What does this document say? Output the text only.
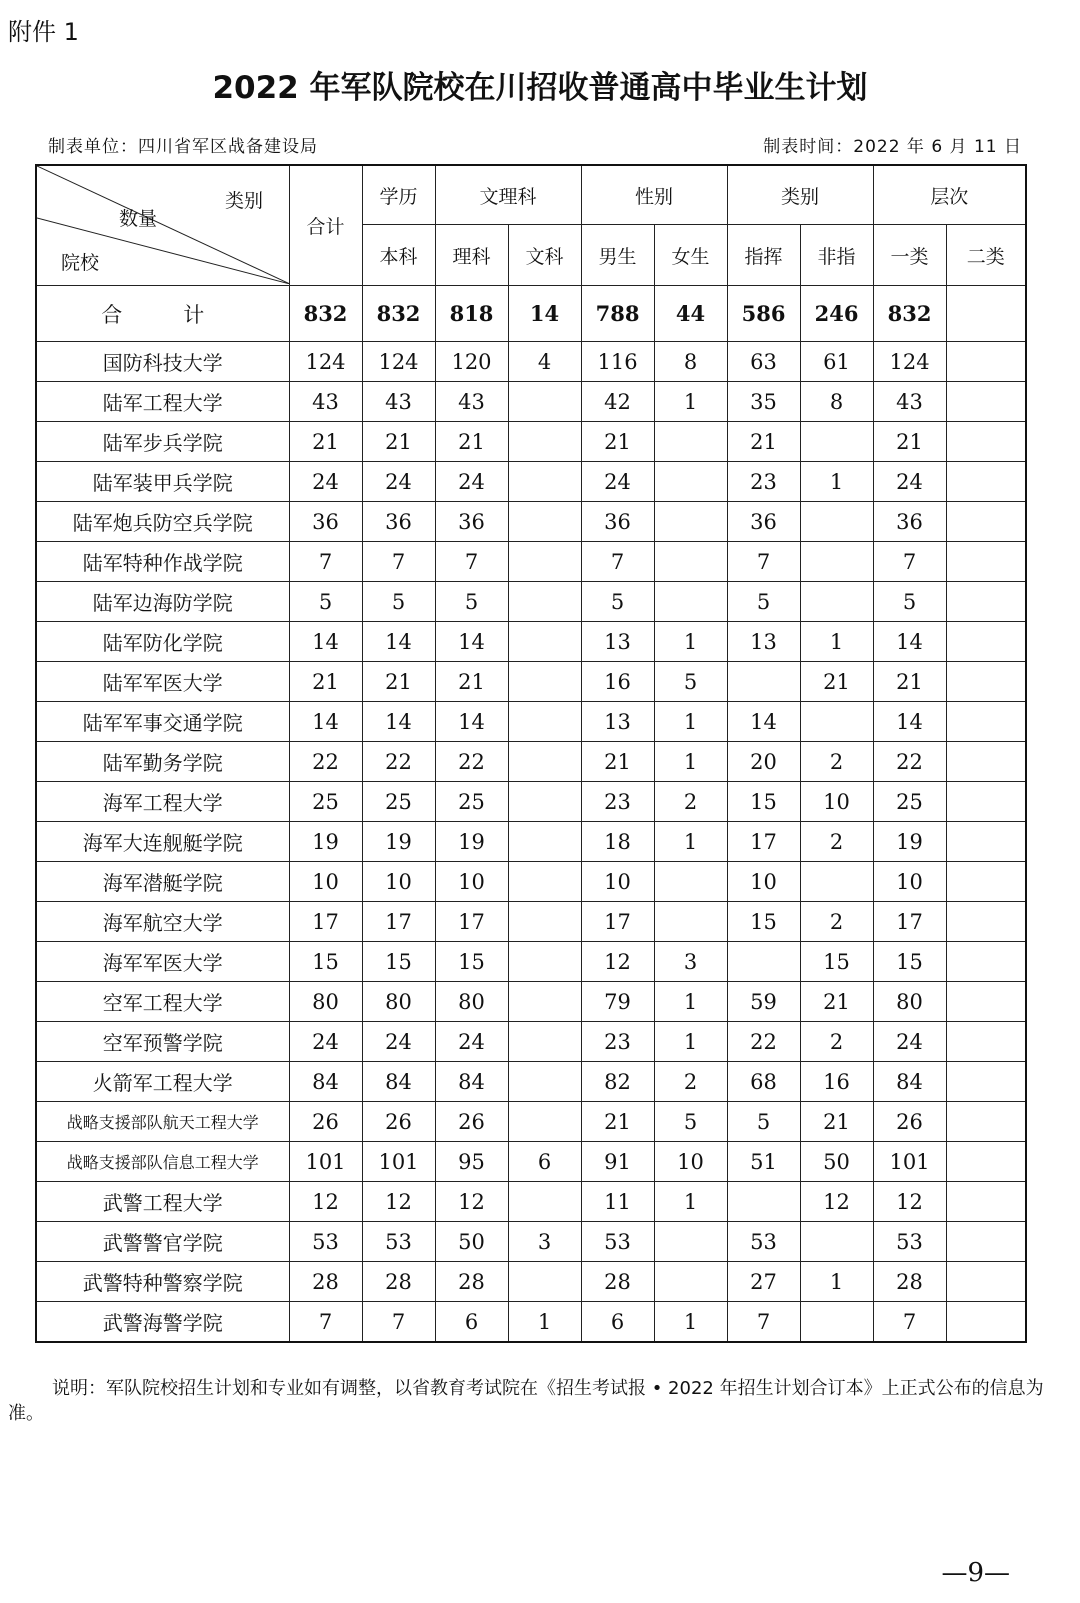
附件 1
2022 年军队院校在川招收普通高中毕业生计划
制表单位：四川省军区战备建设局	制表时间：2022 年 6 月 11 日
类别
数量
院校	合计	学历	文理科		性别		类别		层次	
		本科	理科	文科	男生	女生	指挥	非指	一类	二类
合　计	832	832	818	14	788	44	586	246	832	
国防科技大学	124	124	120	4	116	8	63	61	124	
陆军工程大学	43	43	43		42	1	35	8	43	
陆军步兵学院	21	21	21		21		21		21	
陆军装甲兵学院	24	24	24		24		23	1	24	
陆军炮兵防空兵学院	36	36	36		36		36		36	
陆军特种作战学院	7	7	7		7		7		7	
陆军边海防学院	5	5	5		5		5		5	
陆军防化学院	14	14	14		13	1	13	1	14	
陆军军医大学	21	21	21		16	5		21	21	
陆军军事交通学院	14	14	14		13	1	14		14	
陆军勤务学院	22	22	22		21	1	20	2	22	
海军工程大学	25	25	25		23	2	15	10	25	
海军大连舰艇学院	19	19	19		18	1	17	2	19	
海军潜艇学院	10	10	10		10		10		10	
海军航空大学	17	17	17		17		15	2	17	
海军军医大学	15	15	15		12	3		15	15	
空军工程大学	80	80	80		79	1	59	21	80	
空军预警学院	24	24	24		23	1	22	2	24	
火箭军工程大学	84	84	84		82	2	68	16	84	
战略支援部队航天工程大学	26	26	26		21	5	5	21	26	
战略支援部队信息工程大学	101	101	95	6	91	10	51	50	101	
武警工程大学	12	12	12		11	1		12	12	
武警警官学院	53	53	50	3	53		53		53	
武警特种警察学院	28	28	28		28		27	1	28	
武警海警学院	7	7	6	1	6	1	7		7	
说明：军队院校招生计划和专业如有调整，以省教育考试院在《招生考试报 • 2022 年招生计划合订本》上正式公布的信息为准。
—9—
